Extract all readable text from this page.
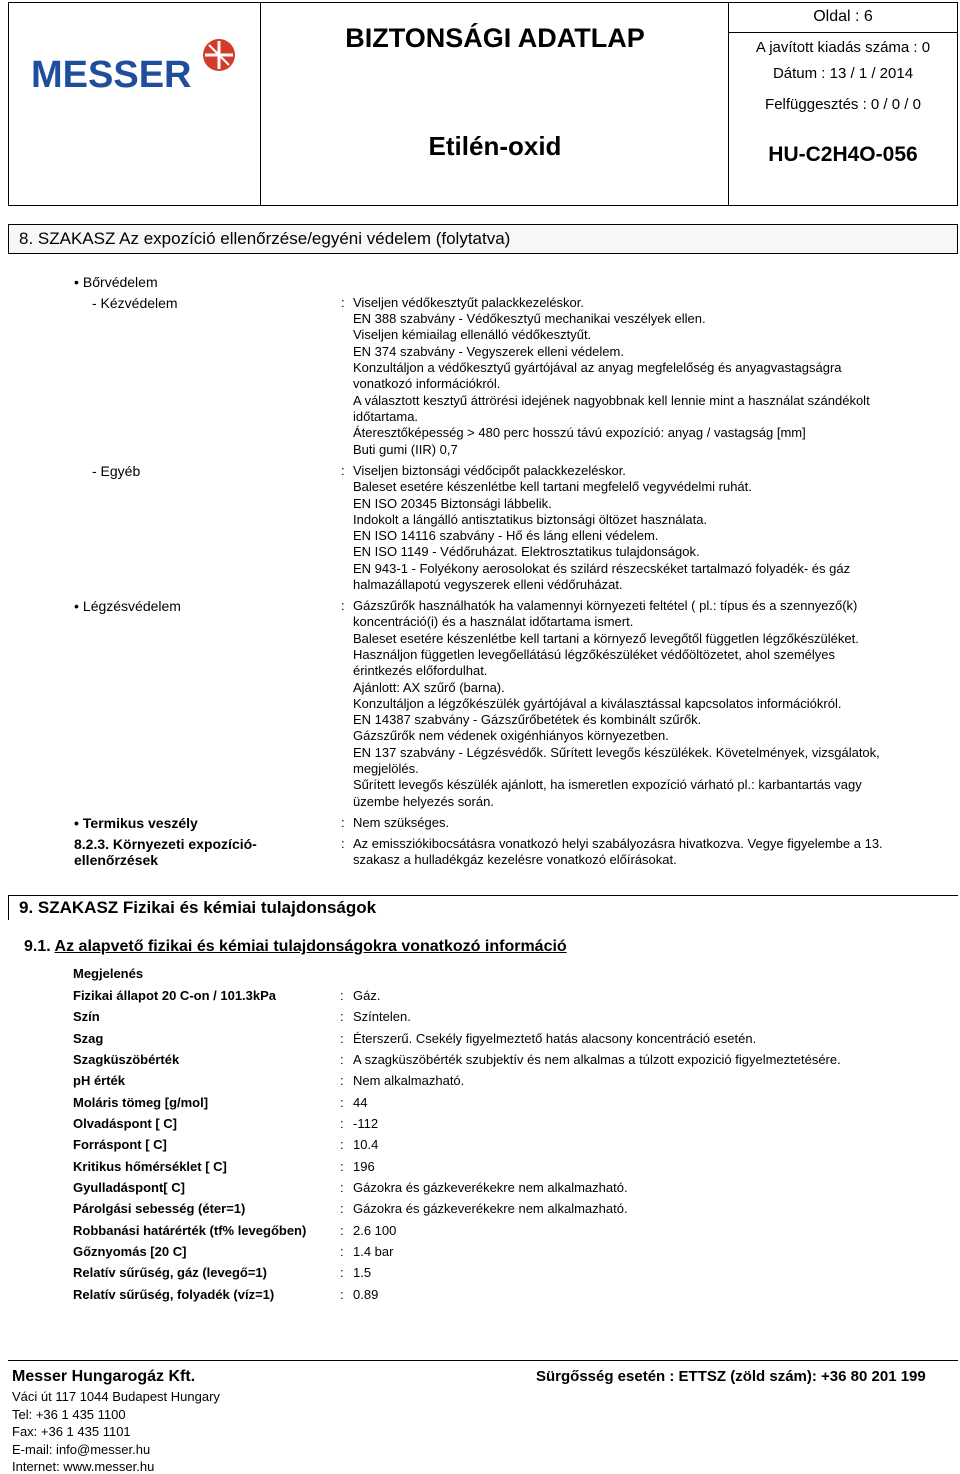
MESSER
BIZTONSÁGI ADATLAP
Etilén-oxid
Oldal : 6
A javított kiadás száma : 0
Dátum : 13 / 1 / 2014
Felfüggesztés : 0 / 0 / 0
HU-C2H4O-056
8. SZAKASZ Az expozíció ellenőrzése/egyéni védelem (folytatva)
• Bőrvédelem
- Kézvédelem	: Viseljen védőkesztyűt palackkezeléskor.
EN 388 szabvány - Védőkesztyű mechanikai veszélyek ellen.
Viseljen kémiailag ellenálló védőkesztyűt.
EN 374 szabvány - Vegyszerek elleni védelem.
Konzultáljon a védőkesztyű gyártójával az anyag megfelelőség és anyagvastagságra
vonatkozó információkról.
A választott kesztyű áttrörési idejének nagyobbnak kell lennie mint a használat szándékolt
időtartama.
Áteresztőképesség > 480 perc hosszú távú expozíció: anyag / vastagság [mm]
Buti gumi (IIR) 0,7
- Egyéb	: Viseljen biztonsági védőcipőt palackkezeléskor.
Baleset esetére készenlétbe kell tartani megfelelő vegyvédelmi ruhát.
EN ISO 20345 Biztonsági lábbelik.
Indokolt a lángálló antisztatikus biztonsági öltözet használata.
EN ISO 14116 szabvány - Hő és láng elleni védelem.
EN ISO 1149 - Védőruházat. Elektrosztatikus tulajdonságok.
EN 943-1 - Folyékony aerosolokat és szilárd részecskéket tartalmazó folyadék- és gáz
halmazállapotú vegyszerek elleni védőruházat.
• Légzésvédelem	: Gázszűrők használhatók ha valamennyi környezeti feltétel ( pl.: típus és a szennyező(k)
koncentráció(i) és a használat időtartama ismert.
Baleset esetére készenlétbe kell tartani a környező levegőtől független légzőkészüléket.
Használjon független levegőellátású légzőkészüléket védőöltözetet, ahol személyes
érintkezés előfordulhat.
Ajánlott: AX szűrő (barna).
Konzultáljon a légzőkészülék gyártójával a kiválasztással kapcsolatos információkról.
EN 14387 szabvány - Gázszűrőbetétek és kombinált szűrők.
Gázszűrők nem védenek oxigénhiányos környezetben.
EN 137 szabvány - Légzésvédők. Sűrített levegős készülékek. Követelmények, vizsgálatok,
megjelölés.
Sűrített levegős készülék ajánlott, ha ismeretlen expozíció várható pl.: karbantartás vagy
üzembe helyezés során.
• Termikus veszély	: Nem szükséges.
8.2.3. Környezeti expozíció-
ellenőrzések
: Az emissziókibocsátásra vonatkozó helyi szabályozásra hivatkozva. Vegye figyelembe a 13.
szakasz a hulladékgáz kezelésre vonatkozó előírásokat.
9. SZAKASZ Fizikai és kémiai tulajdonságok
9.1. Az alapvető fizikai és kémiai tulajdonságokra vonatkozó információ
Megjelenés
Fizikai állapot 20 C-on / 101.3kPa	: Gáz.
Szín	: Színtelen.
Szag	: Éterszerű. Csekély figyelmeztető hatás alacsony koncentráció esetén.
Szagküszöbérték	: A szagküszöbérték szubjektív és nem alkalmas a túlzott expozició figyelmeztetésére.
pH érték	: Nem alkalmazható.
Moláris tömeg [g/mol]	: 44
Olvadáspont [ C]	: -112
Forráspont [ C]	: 10.4
Kritikus hőmérséklet [ C]	: 196
Gyulladáspont[ C]	: Gázokra és gázkeverékekre nem alkalmazható.
Párolgási sebesség (éter=1)	: Gázokra és gázkeverékekre nem alkalmazható.
Robbanási határérték (tf% levegőben)	: 2.6 100
Gőznyomás [20 C]	: 1.4 bar
Relatív sűrűség, gáz (levegő=1)	: 1.5
Relatív sűrűség, folyadék (víz=1)	: 0.89
Messer Hungarogáz Kft.
Váci út 117 1044 Budapest Hungary
Tel: +36 1 435 1100
Fax: +36 1 435 1101
E-mail: info@messer.hu
Internet: www.messer.hu
Sürgősség esetén : ETTSZ (zöld szám): +36 80 201 199
